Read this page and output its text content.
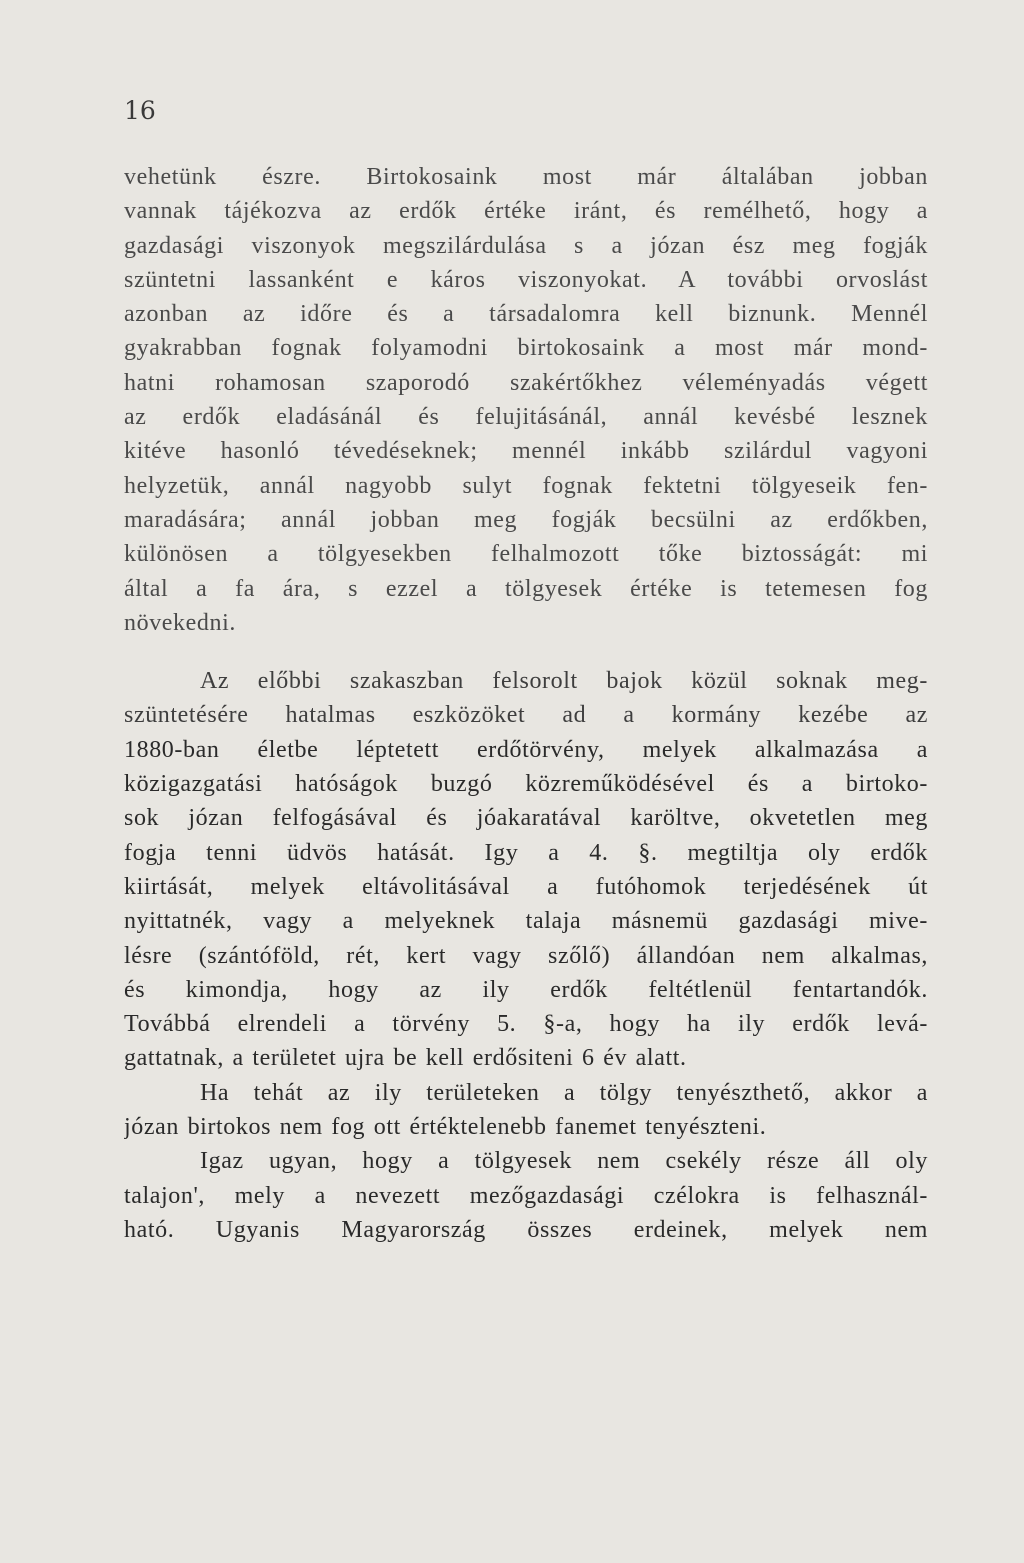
16
vehetünk észre. Birtokosaink most már általában jobban
vannak tájékozva az erdők értéke iránt, és remélhető, hogy a
gazdasági viszonyok megszilárdulása s a józan ész meg fogják
szüntetni lassanként e káros viszonyokat. A további orvoslást
azonban az időre és a társadalomra kell biznunk. Mennél
gyakrabban fognak folyamodni birtokosaink a most már mond-
hatni rohamosan szaporodó szakértőkhez véleményadás végett
az erdők eladásánál és felujitásánál, annál kevésbé lesznek
kitéve hasonló tévedéseknek; mennél inkább szilárdul vagyoni
helyzetük, annál nagyobb sulyt fognak fektetni tölgyeseik fen-
maradására; annál jobban meg fogják becsülni az erdőkben,
különösen a tölgyesekben felhalmozott tőke biztosságát: mi
által a fa ára, s ezzel a tölgyesek értéke is tetemesen fog
növekedni.
Az előbbi szakaszban felsorolt bajok közül soknak meg-
szüntetésére hatalmas eszközöket ad a kormány kezébe az
1880-ban életbe léptetett erdőtörvény, melyek alkalmazása a
közigazgatási hatóságok buzgó közreműködésével és a birtoko-
sok józan felfogásával és jóakaratával karöltve, okvetetlen meg
fogja tenni üdvös hatását. Igy a 4. §. megtiltja oly erdők
kiirtását, melyek eltávolitásával a futóhomok terjedésének út
nyittatnék, vagy a melyeknek talaja másnemü gazdasági mive-
lésre (szántóföld, rét, kert vagy szőlő) állandóan nem alkalmas,
és kimondja, hogy az ily erdők feltétlenül fentartandók.
Továbbá elrendeli a törvény 5. §-a, hogy ha ily erdők levá-
gattatnak, a területet ujra be kell erdősiteni 6 év alatt.
Ha tehát az ily területeken a tölgy tenyészthető, akkor a
józan birtokos nem fog ott értéktelenebb fanemet tenyészteni.
Igaz ugyan, hogy a tölgyesek nem csekély része áll oly
talajon', mely a nevezett mezőgazdasági czélokra is felhasznál-
ható. Ugyanis Magyarország összes erdeinek, melyek nem
